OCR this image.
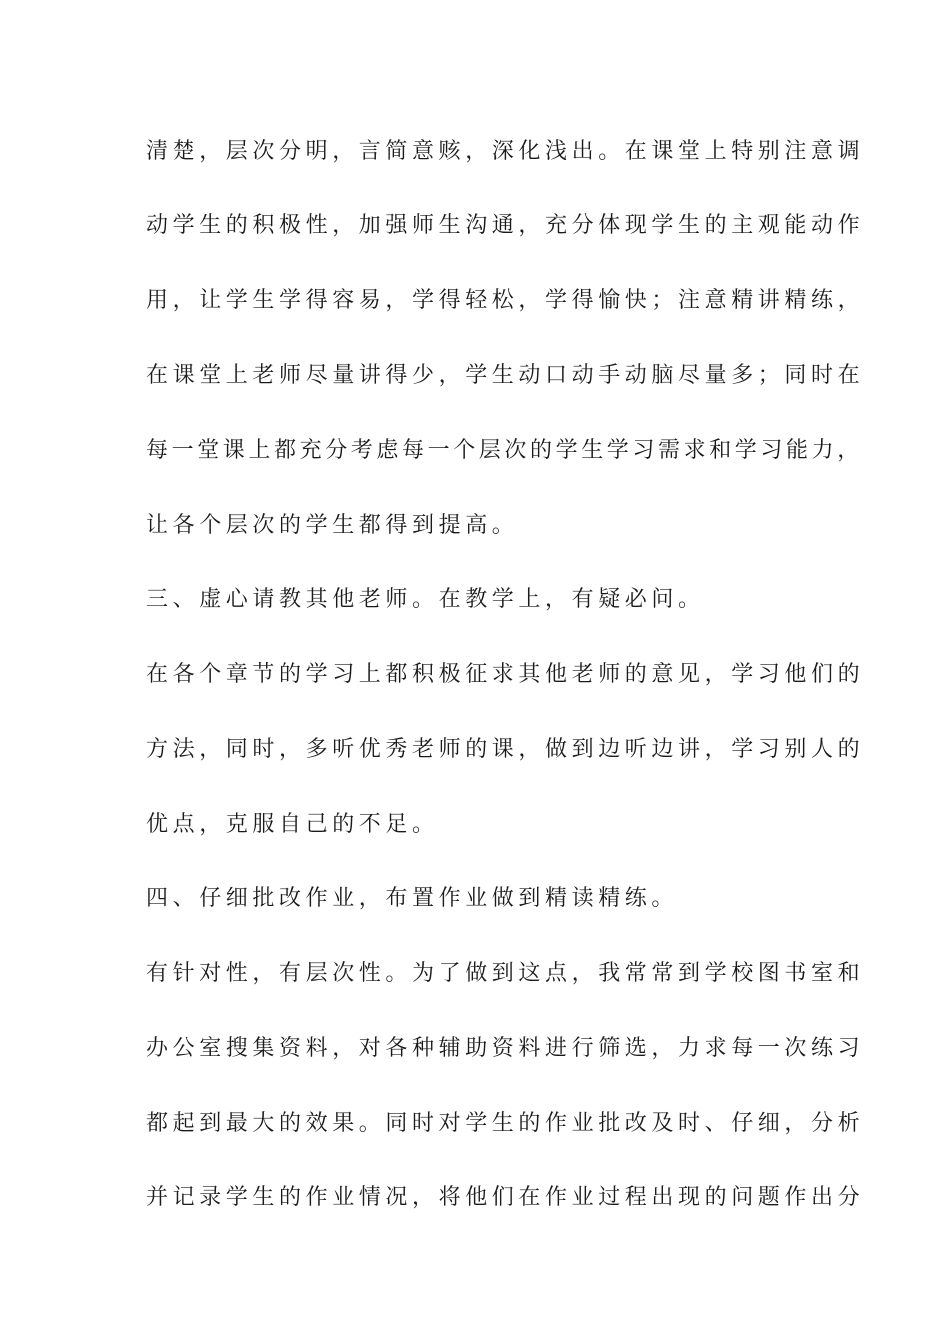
清楚，层次分明，言简意赅，深化浅出。在课堂上特别注意调
动学生的积极性，加强师生沟通，充分体现学生的主观能动作
用，让学生学得容易，学得轻松，学得愉快；注意精讲精练，
在课堂上老师尽量讲得少，学生动口动手动脑尽量多；同时在
每一堂课上都充分考虑每一个层次的学生学习需求和学习能力，
让各个层次的学生都得到提高。
三、虚心请教其他老师。在教学上，有疑必问。
在各个章节的学习上都积极征求其他老师的意见，学习他们的
方法，同时，多听优秀老师的课，做到边听边讲，学习别人的
优点，克服自己的不足。
四、仔细批改作业，布置作业做到精读精练。
有针对性，有层次性。为了做到这点，我常常到学校图书室和
办公室搜集资料，对各种辅助资料进行筛选，力求每一次练习
都起到最大的效果。同时对学生的作业批改及时、仔细，分析
并记录学生的作业情况，将他们在作业过程出现的问题作出分
